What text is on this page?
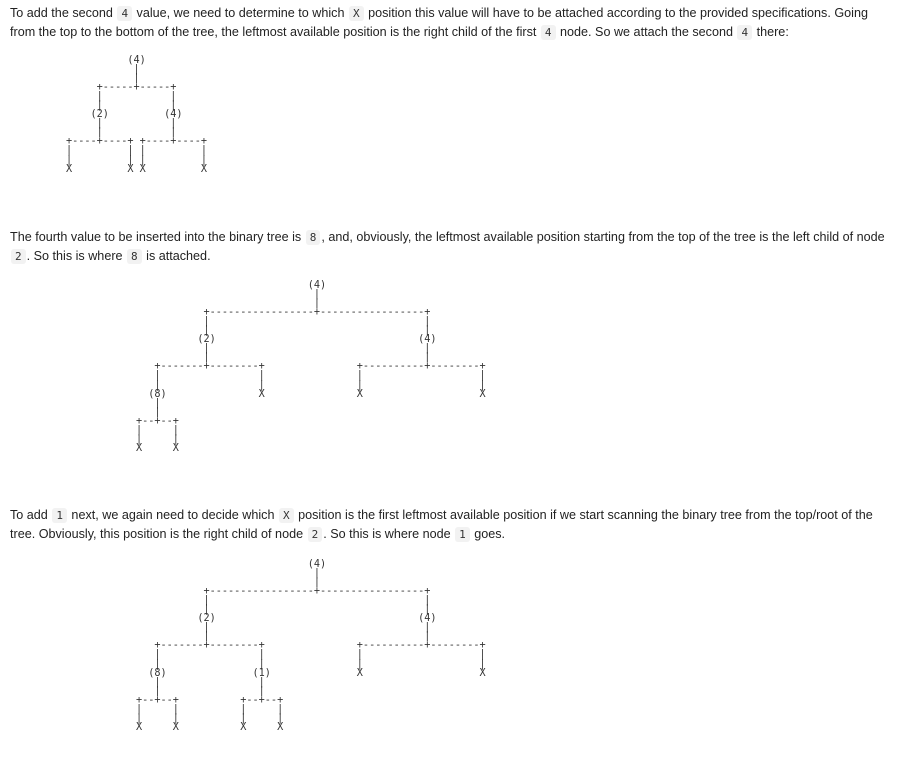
To add the second 4 value, we need to determine to which X position this value will have to be attached according to the provided specifications. Going from the top to the bottom of the tree, the leftmost available position is the right child of the first 4 node. So we attach the second 4 there:

(4)
|
|
+-----+-----+
|           |
|           |
(2)         (4)
|           |
|           |
+----+----+ +----+----+
|         | |         |
|         | |         |
X         X X         X

The fourth value to be inserted into the binary tree is 8 , and, obviously, the leftmost available position starting from the top of the tree is the left child of node 2 . So this is where 8 is attached.

(4)
|
|
+-----------------+-----------------+
|                                   |
|                                   |
(2)                                 (4)
|                                   |
|                                   |
+-------+--------+               +----------+--------+
|                |               |                   |
|                |               |                   |
(8)               X               X                   X
|
|
+--+--+
|     |
|     |
X     X

To add 1 next, we again need to decide which X position is the first leftmost available position if we start scanning the binary tree from the top/root of the tree. Obviously, this position is the right child of node 2 . So this is where node 1 goes.

(4)
|
|
+-----------------+-----------------+
|                                   |
|                                   |
(2)                                 (4)
|                                   |
|                                   |
+-------+--------+               +----------+--------+
|                |               |                   |
|                |               |                   |
(8)              (1)              X                   X
|                |
|                |
+--+--+          +--+--+
|     |          |     |
|     |          |     |
X     X          X     X
